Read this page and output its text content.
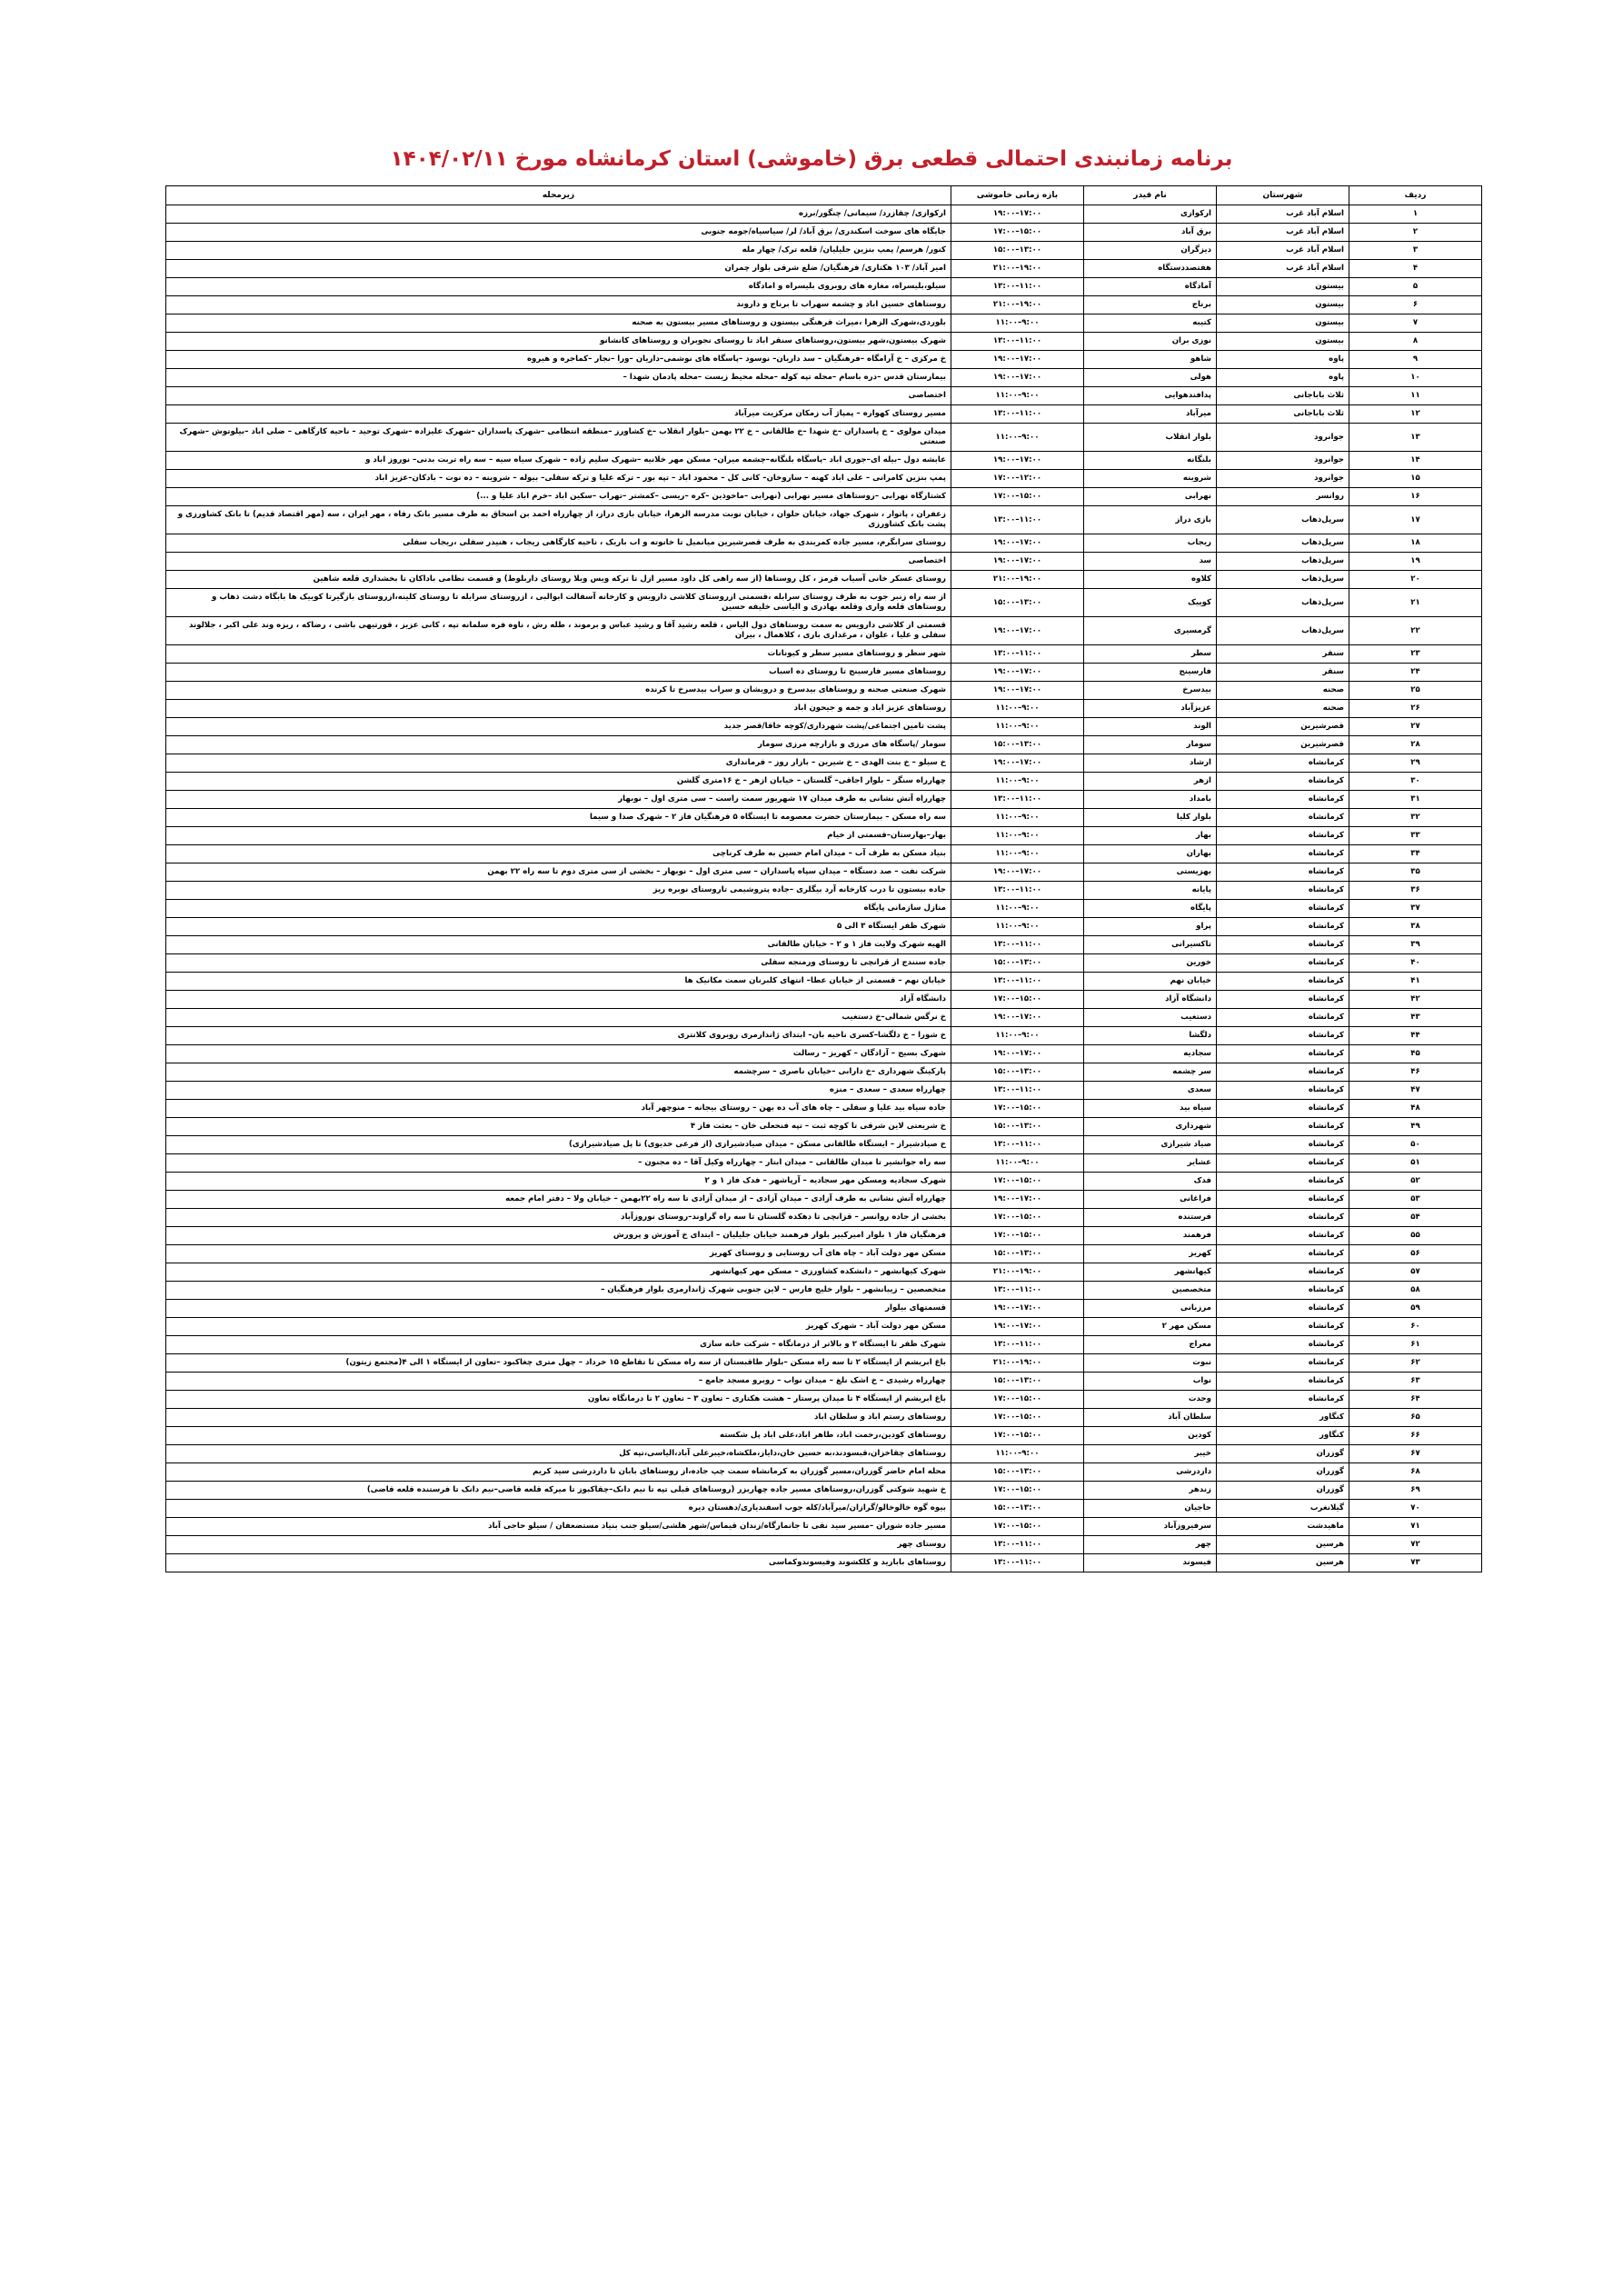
برنامه زمانبندی احتمالی قطعی برق (خاموشی) استان کرمانشاه مورخ ۱۴۰۴/۰۲/۱۱
ردیف	شهرستان	نام فیدر	بازه زمانی خاموشی	زیرمحله
۱	اسلام آباد غرب	ارکوازی	۱۷:۰۰–۱۹:۰۰	ارکوازی/ چقازرد/ سیمانی/ چنگور/برزه
۲	اسلام آباد غرب	برق آباد	۱۵:۰۰–۱۷:۰۰	جایگاه های سوخت اسکندری/ برق آباد/ لر/ سیاسیاه/جومه جنوبی
۳	اسلام آباد غرب	دیزگران	۱۳:۰۰–۱۵:۰۰	کنور/ هرسم/ پمپ بنزین جلیلیان/ قلعه ترک/ چهار مله
۴	اسلام آباد غرب	هفتصددستگاه	۱۹:۰۰–۲۱:۰۰	امیر آباد/ ۱۰۳ هکتاری/ فرهنگیان/ ضلع شرقی بلوار چمران
۵	بیستون	آمادگاه	۱۱:۰۰–۱۳:۰۰	سیلو،بلیسراه، مغازه های روبروی بلیسراه و امادگاه
۶	بیستون	برناج	۱۹:۰۰–۲۱:۰۰	روستاهای حسین اباد و چشمه سهراب تا برناج و داروند
۷	بیستون	کتیبه	۹:۰۰–۱۱:۰۰	بلوردی،شهرک الزهرا ،میراث فرهنگی بیستون و روستاهای مسیر بیستون به صحنه
۸	بیستون	نوزی بران	۱۱:۰۰–۱۳:۰۰	شهرک بیستون،شهر بیستون،روستاهای سنقر اباد تا روستای نجوبران و روستاهای کانشانو
۹	پاوه	شاهو	۱۷:۰۰–۱۹:۰۰	خ مرکزی – خ آرامگاه –فرهنگیان – سد داریان– نوسود –پاسگاه های نوشمی–داریان –ورا –نجار –کماجره و هیروه
۱۰	پاوه	هولی	۱۷:۰۰–۱۹:۰۰	بیمارستان قدس –دره باسام –محله تپه کوله –محله محیط زیست –محله پادمان شهدا –
۱۱	ثلاث باباجانی	پدافندهوایی	۹:۰۰–۱۱:۰۰	اختصاصی
۱۲	ثلاث باباجانی	میرآباد	۱۱:۰۰–۱۳:۰۰	مسیر روستای کهواره – پمپاژ آب زمکان مرکزیت میرآباد
۱۳	جوانرود	بلوار انقلاب	۹:۰۰–۱۱:۰۰	میدان مولوی – خ پاسداران –خ شهدا –خ طالقانی – خ ۲۲ بهمن –بلوار انقلاب –خ کشاورز –منطقه انتظامی –شهرک پاسداران –شهرک علیزاده –شهرک توحید – ناحیه کارگاهی – ضلی اباد –بیلوتوش –شهرک صنعتی
۱۴	جوانرود	بلنگانه	۱۷:۰۰–۱۹:۰۰	عابشه دول –بیله ای–جوری اباد –پاسگاه بلنگانه–چشمه میران– مسکن مهر خلانیه –شهرک سلیم زاده – شهرک سیاه سیه – سه راه تربت بدنی– نوروز اباد و
۱۵	جوانرود	شروینه	۱۲:۰۰–۱۷:۰۰	پمپ بنزین کامرانی – علی اباد کهنه – ساروخان– کانی کل – محمود اباد – تپه بور – ترکه علیا و ترکه سفلی– بیوله – شروینه – ده نوت – بادکان–عزیز اباد
۱۶	روانسر	نهرابی	۱۵:۰۰–۱۷:۰۰	کشتارگاه نهرابی –روستاهای مسیر نهرابی (نهرابی –ماخوذین –کره –ریسی –کمشتر –تهراب –سکین اباد –خرم اباد علیا و ...)
۱۷	سرپل‌ذهاب	بازی دراز	۱۱:۰۰–۱۳:۰۰	زعفران ، پاتوار ، شهرک جهاد، خیابان حلوان ، خیابان نوبت مدرسه الزهرا، خیابان بازی دراز، از چهارراه احمد بن اسحاق به طرف مسیر بانک رفاه ، مهر ایران ، سه (مهر اقتصاد قدیم) تا بانک کشاورزی و پشت بانک کشاورزی
۱۸	سرپل‌ذهاب	ریجاب	۱۷:۰۰–۱۹:۰۰	روستای سرابگرم، مسیر جاده کمربندی به طرف قصرشیرین میانمیل تا خانوته و اب باریک ، ناحیه کارگاهی ریجاب ، هنیدر سفلی ،ریجاب سفلی
۱۹	سرپل‌ذهاب	سد	۱۷:۰۰–۱۹:۰۰	اختصاصی
۲۰	سرپل‌ذهاب	کلاوه	۱۹:۰۰–۲۱:۰۰	روستای عسکر خانی آسیاب قرمز ، کل روستاها (از سه راهی کل داود مسیر ازل تا ترکه ویس ویلا روستای داربلوط) و قسمت نظامی باداکان تا بخشداری قلعه شاهین
۲۱	سرپل‌ذهاب	کوییک	۱۳:۰۰–۱۵:۰۰	از سه راه زنبر جوب به طرف روستای سرابله ،قسمتی ازروستای کلاشی دارویس و کارخانه آسفالت ابوالبی ، ازروستای سرابله تا روستای کلینه،ازروستای بازگیرتا کوییک ها بابگاه دشت ذهاب و روستاهای قلعه واری وقلعه بهادری و الیاسی خلیفه حسین
۲۲	سرپل‌ذهاب	گرمسیری	۱۷:۰۰–۱۹:۰۰	قسمتی از کلاشی دارویس به سمت روستاهای دول الیاس ، قلعه رشید آقا و رشید عباس و برموند ، طله رش ، ناوه فره سلمانه تپه ، کانی عزیز ، قورتیهی باشی ، رضاکه ، ریزه وند علی اکبر ، جلالوند سفلی و علیا ، علوان ، مرغداری باری ، کلاهمال ، بیران
۲۳	سنقر	سطر	۱۱:۰۰–۱۳:۰۰	شهر سطر و روستاهای مسیر سطر و کیونانات
۲۴	سنقر	فارسینج	۱۷:۰۰–۱۹:۰۰	روستاهای مسیر فارسینج تا روستای ده اسباب
۲۵	صحنه	بیدسرخ	۱۷:۰۰–۱۹:۰۰	شهرک صنعتی صحنه و روستاهای بیدسرخ و درویشان و سراب بیدسرخ تا کرنده
۲۶	صحنه	عزیزآباد	۹:۰۰–۱۱:۰۰	روستاهای عزیز اباد و جمه و جیحون اباد
۲۷	قصرشیرین	الوند	۹:۰۰–۱۱:۰۰	پشت تامین اجتماعی/پشت شهرداری/کوچه خاقا/قصر جدید
۲۸	قصرشیرین	سومار	۱۳:۰۰–۱۵:۰۰	سومار /پاسگاه های مرزی و بازارچه مرزی سومار
۲۹	کرمانشاه	ارشاد	۱۷:۰۰–۱۹:۰۰	خ سیلو – خ بنت الهدی – خ شیرین – بازار روز – فرمانداری
۳۰	کرمانشاه	ازهر	۹:۰۰–۱۱:۰۰	چهارراه سنگر – بلوار اجاقی– گلستان – خیابان ازهر – خ ۱۶متری گلشن
۳۱	کرمانشاه	بامداد	۱۱:۰۰–۱۳:۰۰	چهارراه آتش نشانی به طرف میدان ۱۷ شهریور سمت راست – سی متری اول – نوبهار
۳۲	کرمانشاه	بلوار کلیا	۹:۰۰–۱۱:۰۰	سه راه مسکن – بیمارستان حضرت معصومه تا ایستگاه ۵ فرهنگیان فاز ۲ – شهرک صدا و سیما
۳۳	کرمانشاه	بهار	۹:۰۰–۱۱:۰۰	بهار–بهارستان–قسمتی از خیام
۳۴	کرمانشاه	بهاران	۹:۰۰–۱۱:۰۰	بنیاد مسکن به طرف آب – میدان امام حسین به طرف کرناچی
۳۵	کرمانشاه	بهزیستی	۱۷:۰۰–۱۹:۰۰	شرکت نفت – صد دستگاه – میدان سپاه پاسداران – سی متری اول – نوبهار – بخشی از سی متری دوم تا سه راه ۲۲ بهمن
۳۶	کرمانشاه	پایانه	۱۱:۰۰–۱۳:۰۰	جاده بیستون تا درب کارخانه آرد بیگلری –جاده پتروشیمی تاروستای نوبره ریز
۳۷	کرمانشاه	پایگاه	۹:۰۰–۱۱:۰۰	منازل سازمانی پایگاه
۳۸	کرمانشاه	پراو	۹:۰۰–۱۱:۰۰	شهرک ظفر ایستگاه ۳ الی ۵
۳۹	کرمانشاه	تاکسیرانی	۱۱:۰۰–۱۳:۰۰	الهیه شهرک ولایت فاز ۱ و ۲ – خیابان طالقانی
۴۰	کرمانشاه	خورین	۱۳:۰۰–۱۵:۰۰	جاده سنندج از قرانچی تا روستای ورمنجه سفلی
۴۱	کرمانشاه	خیابان نهم	۱۱:۰۰–۱۳:۰۰	خیابان نهم – قسمتی از خیابان عطا– انتهای کلبرنان سمت مکانیک ها
۴۲	کرمانشاه	دانشگاه آزاد	۱۵:۰۰–۱۷:۰۰	دانشگاه آزاد
۴۳	کرمانشاه	دستغیب	۱۷:۰۰–۱۹:۰۰	خ نرگس شمالی–خ دستغیب
۴۴	کرمانشاه	دلگشا	۹:۰۰–۱۱:۰۰	خ شورا – خ دلگشا–کسری ناحیه بان– ابتدای ژاندارمری روبروی کلانتری
۴۵	کرمانشاه	سجادیه	۱۷:۰۰–۱۹:۰۰	شهرک بسیج – آزادگان – کهریز – رسالت
۴۶	کرمانشاه	سر چشمه	۱۳:۰۰–۱۵:۰۰	پارکینگ شهرداری –خ دارابی –خیابان ناصری – سرچشمه
۴۷	کرمانشاه	سعدی	۱۱:۰۰–۱۳:۰۰	چهارراه سعدی – سعدی – منزه
۴۸	کرمانشاه	سیاه بید	۱۵:۰۰–۱۷:۰۰	جاده سیاه بید علیا و سفلی – چاه های آب ده بهن – روستای بیجانه – منوچهر آباد
۴۹	کرمانشاه	شهرداری	۱۳:۰۰–۱۵:۰۰	خ شریعتی لاین شرقی تا کوچه ثبت – تپه فنحعلی خان – بعثت فاز ۴
۵۰	کرمانشاه	صیاد شیرازی	۱۱:۰۰–۱۳:۰۰	خ صیادشیراز – ایستگاه طالقانی مسکن – میدان صیادشیرازی (از فرعی خدیوی) تا پل صیادشیرازی)
۵۱	کرمانشاه	عشایر	۹:۰۰–۱۱:۰۰	سه راه جوانشیر تا میدان طالقانی – میدان ابتار – چهارراه وکیل آقا – ده مجنون –
۵۲	کرمانشاه	فدک	۱۵:۰۰–۱۷:۰۰	شهرک سجادیه ومسکن مهر سجادیه – آرپاشهر – فدک فاز ۱ و ۲
۵۳	کرمانشاه	فراغانی	۱۷:۰۰–۱۹:۰۰	چهارراه آتش نشانی به طرف آزادی – میدان آزادی – از میدان آزادی تا سه راه ۲۲بهمن – خیابان ولا – دفتر امام جمعه
۵۴	کرمانشاه	فرستنده	۱۵:۰۰–۱۷:۰۰	بخشی از جاده روانسر – قزانچی تا دهکده گلستان تا سه راه گراوند–روستای نوروزآباد
۵۵	کرمانشاه	فرهمند	۱۵:۰۰–۱۷:۰۰	فرهنگیان فاز ۱ بلوار امیرکبیر بلوار فرهمند خیابان جلیلیان – ابتدای خ آموزش و پرورش
۵۶	کرمانشاه	کهریز	۱۳:۰۰–۱۵:۰۰	مسکن مهر دولت آباد – چاه های آب روستایی و روستای کهریز
۵۷	کرمانشاه	کیهانشهر	۱۹:۰۰–۲۱:۰۰	شهرک کیهانشهر – دانشکده کشاورزی – مسکن مهر کیهانشهر
۵۸	کرمانشاه	متخصصین	۱۱:۰۰–۱۳:۰۰	متخصصین – زیبانشهر – بلوار خلیج فارس – لاین جنوبی شهرک ژاندارمری بلوار فرهنگیان –
۵۹	کرمانشاه	مرزبانی	۱۷:۰۰–۱۹:۰۰	قسمتهای بیلوار
۶۰	کرمانشاه	مسکن مهر ۲	۱۷:۰۰–۱۹:۰۰	مسکن مهر دولت آباد – شهرک کهریز
۶۱	کرمانشاه	معراج	۱۱:۰۰–۱۳:۰۰	شهرک ظفر تا ایستگاه ۲ و بالاتر از درمانگاه – شرکت خانه سازی
۶۲	کرمانشاه	نبوت	۱۹:۰۰–۲۱:۰۰	باغ ابریشم از ایستگاه ۲ تا سه راه مسکن –بلوار طاقبستان از سه راه مسکن تا تقاطع ۱۵ خرداد – چهل متری چغاکبود –تعاون از ایستگاه ۱ الی ۴(مجتمع زیتون)
۶۳	کرمانشاه	نواب	۱۳:۰۰–۱۵:۰۰	چهارراه رشیدی – خ اشک نلغ – میدان نواب – روبرو مسجد جامع –
۶۴	کرمانشاه	وحدت	۱۵:۰۰–۱۷:۰۰	باغ ابریشم از ایستگاه ۴ تا میدان پرستار – هشت هکتاری – تعاون ۳ – تعاون ۲ تا درمانگاه تعاون
۶۵	کنگاور	سلطان آباد	۱۵:۰۰–۱۷:۰۰	روستاهای رستم اباد و سلطان اباد
۶۶	کنگاور	کودین	۱۵:۰۰–۱۷:۰۰	روستاهای کودین،رحمت اباد، طاهر اباد،علی اباد پل شکسته
۶۷	گوزران	خیبر	۹:۰۰–۱۱:۰۰	روستاهای چقاخزان،قبسودند،به حسین خان،دایاز،ملکشاه،خیبرعلی آباد،الیاسی،تپه کل
۶۸	گوزران	داردرشی	۱۳:۰۰–۱۵:۰۰	محله امام حاضر گوزران،مسیر گوزران به کرمانشاه سمت چپ جاده،از روستاهای بابان تا داردرشی سید کریم
۶۹	گوزران	زندهر	۱۵:۰۰–۱۷:۰۰	خ شهید شوکتی گوزران،روستاهای مسیر جاده چهاریزر (روستاهای قبلی تپه تا نیم دانک–چقاکبوز تا میرکه قلعه قاضی–نیم دانک تا فرستنده قلعه قاضی)
۷۰	گیلانغرب	حاجیان	۱۳:۰۰–۱۵:۰۰	بیوه گوه خالوخالو/گرازان/میرآباد/کله جوب اسفندیاری/دهستان دیره
۷۱	ماهیدشت	سرفیروزآباد	۱۵:۰۰–۱۷:۰۰	مسیر جاده شوران –مسیر سید نقی تا جانمارگاه/زندان قیماس/شهر هلشی/سیلو جنب بنیاد مستضعفان / سیلو حاجی آباد
۷۲	هرسین	چهر	۱۱:۰۰–۱۳:۰۰	روستای چهر
۷۳	هرسین	فیسوند	۱۱:۰۰–۱۳:۰۰	روستاهای بابازید و کلکشوند وفیسوندوکماسی
